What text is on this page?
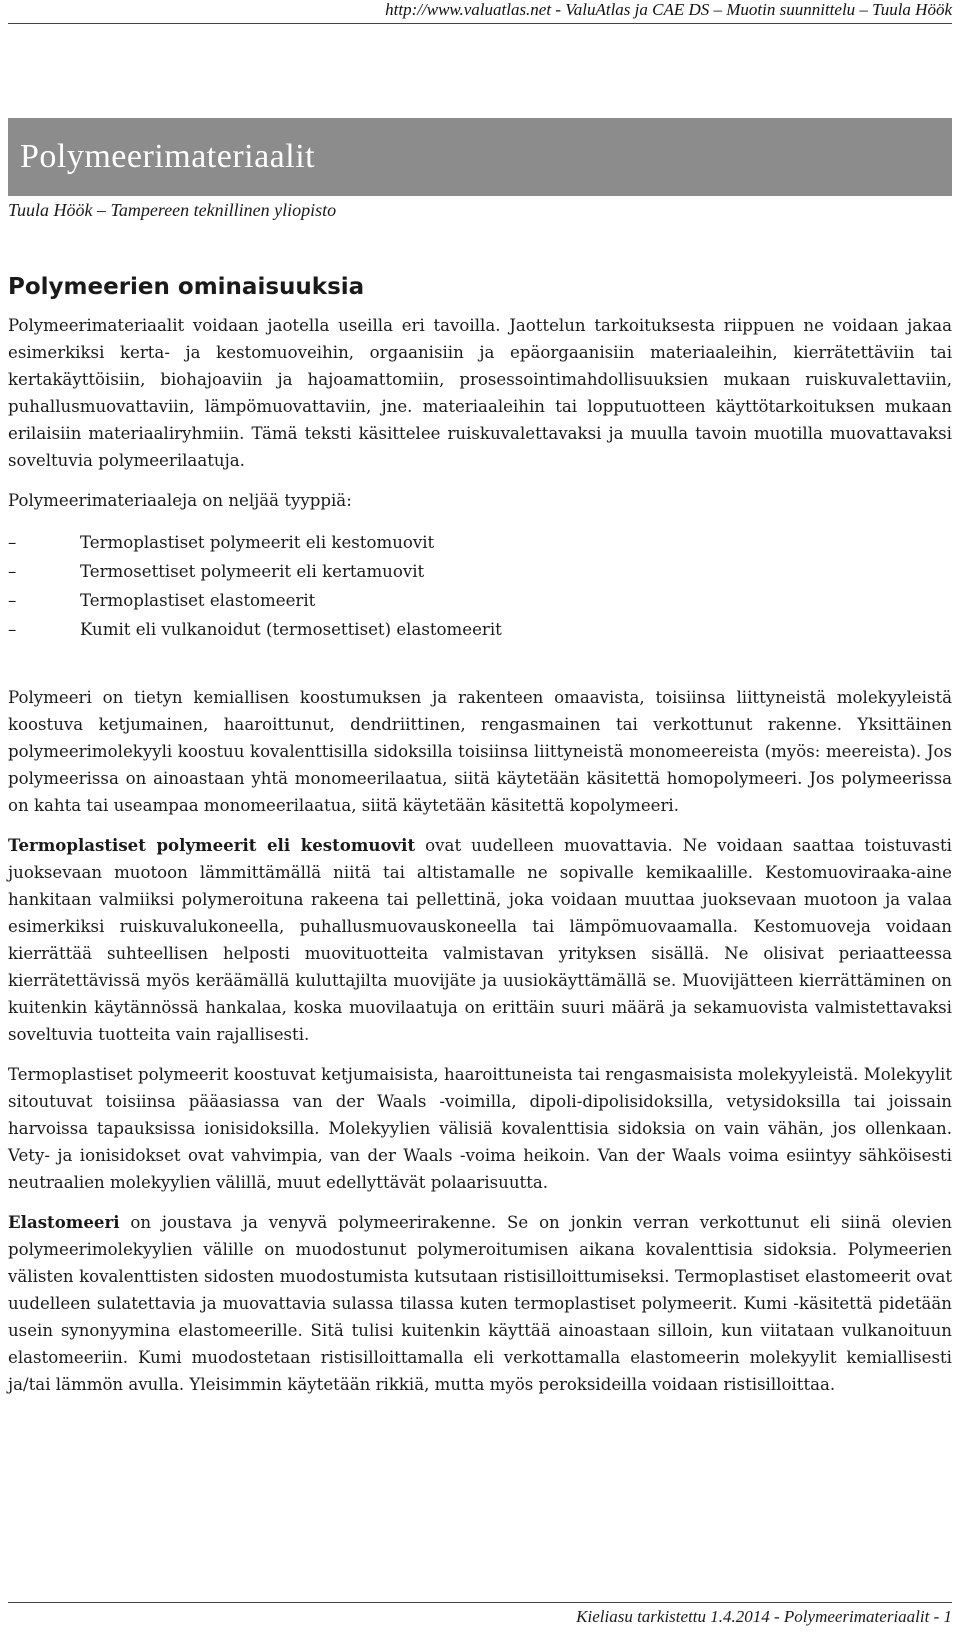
http://www.valuatlas.net - ValuAtlas ja CAE DS – Muotin suunnittelu – Tuula Höök
Polymeerimateriaalit
Tuula Höök – Tampereen teknillinen yliopisto
Polymeerien ominaisuuksia

Polymeerimateriaalit voidaan jaotella useilla eri tavoilla. Jaottelun tarkoituksesta riippuen ne voidaan jakaa esimerkiksi kerta- ja kestomuoveihin, orgaanisiin ja epäorgaanisiin materiaaleihin, kierrätettäviin tai kertakäyttöisiin, biohajoaviin ja hajoamattomiin, prosessointimahdollisuuksien mukaan ruiskuvalettaviin, puhallusmuovattaviin, lämpömuovattaviin, jne. materiaaleihin tai lopputuotteen käyttötarkoituksen mukaan erilaisiin materiaaliryhmiin. Tämä teksti käsittelee ruiskuvalettavaksi ja muulla tavoin muotilla muovattavaksi soveltuvia polymeerilaatuja.

Polymeerimateriaaleja on neljää tyyppiä:

–	Termoplastiset polymeerit eli kestomuovit
–	Termosettiset polymeerit eli kertamuovit
–	Termoplastiset elastomeerit
–	Kumit eli vulkanoidut (termosettiset) elastomeerit

Polymeeri on tietyn kemiallisen koostumuksen ja rakenteen omaavista, toisiinsa liittyneistä molekyyleistä koostuva ketjumainen, haaroittunut, dendriittinen, rengasmainen tai verkottunut rakenne. Yksittäinen polymeerimolekyyli koostuu kovalenttisilla sidoksilla toisiinsa liittyneistä monomeereista (myös: meereista). Jos polymeerissa on ainoastaan yhtä monomeerilaatua, siitä käytetään käsitettä homopolymeeri. Jos polymeerissa on kahta tai useampaa monomeerilaatua, siitä käytetään käsitettä kopolymeeri.

Termoplastiset polymeerit eli kestomuovit ovat uudelleen muovattavia. Ne voidaan saattaa toistuvasti juoksevaan muotoon lämmittämällä niitä tai altistamalle ne sopivalle kemikaalille. Kestomuoviraaka-aine hankitaan valmiiksi polymeroituna rakeena tai pellettinä, joka voidaan muuttaa juoksevaan muotoon ja valaa esimerkiksi ruiskuvalukoneella, puhallusmuovauskoneella tai lämpömuovaamalla. Kestomuoveja voidaan kierrättää suhteellisen helposti muovituotteita valmistavan yrityksen sisällä. Ne olisivat periaatteessa kierrätettävissä myös keräämällä kuluttajilta muovijäte ja uusiokäyttämällä se. Muovijätteen kierrättäminen on kuitenkin käytännössä hankalaa, koska muovilaatuja on erittäin suuri määrä ja sekamuovista valmistettavaksi soveltuvia tuotteita vain rajallisesti.

Termoplastiset polymeerit koostuvat ketjumaisista, haaroittuneista tai rengasmaisista molekyyleistä. Molekyylit sitoutuvat toisiinsa pääasiassa van der Waals -voimilla, dipoli-dipolisidoksilla, vetysidoksilla tai joissain harvoissa tapauksissa ionisidoksilla. Molekyylien välisiä kovalenttisia sidoksia on vain vähän, jos ollenkaan. Vety- ja ionisidokset ovat vahvimpia, van der Waals -voima heikoin. Van der Waals voima esiintyy sähköisesti neutraalien molekyylien välillä, muut edellyttävät polaarisuutta.

Elastomeeri on joustava ja venyvä polymeerirakenne. Se on jonkin verran verkottunut eli siinä olevien polymeerimolekyylien välille on muodostunut polymeroitumisen aikana kovalenttisia sidoksia. Polymeerien välisten kovalenttisten sidosten muodostumista kutsutaan ristisilloittumiseksi. Termoplastiset elastomeerit ovat uudelleen sulatettavia ja muovattavia sulassa tilassa kuten termoplastiset polymeerit. Kumi -käsitettä pidetään usein synonyymina elastomeerille. Sitä tulisi kuitenkin käyttää ainoastaan silloin, kun viitataan vulkanoituun elastomeeriin. Kumi muodostetaan ristisilloittamalla eli verkottamalla elastomeerin molekyylit kemiallisesti ja/tai lämmön avulla. Yleisimmin käytetään rikkiä, mutta myös peroksideilla voidaan ristisilloittaa.

Kieliasu tarkistettu 1.4.2014 - Polymeerimateriaalit - 1
